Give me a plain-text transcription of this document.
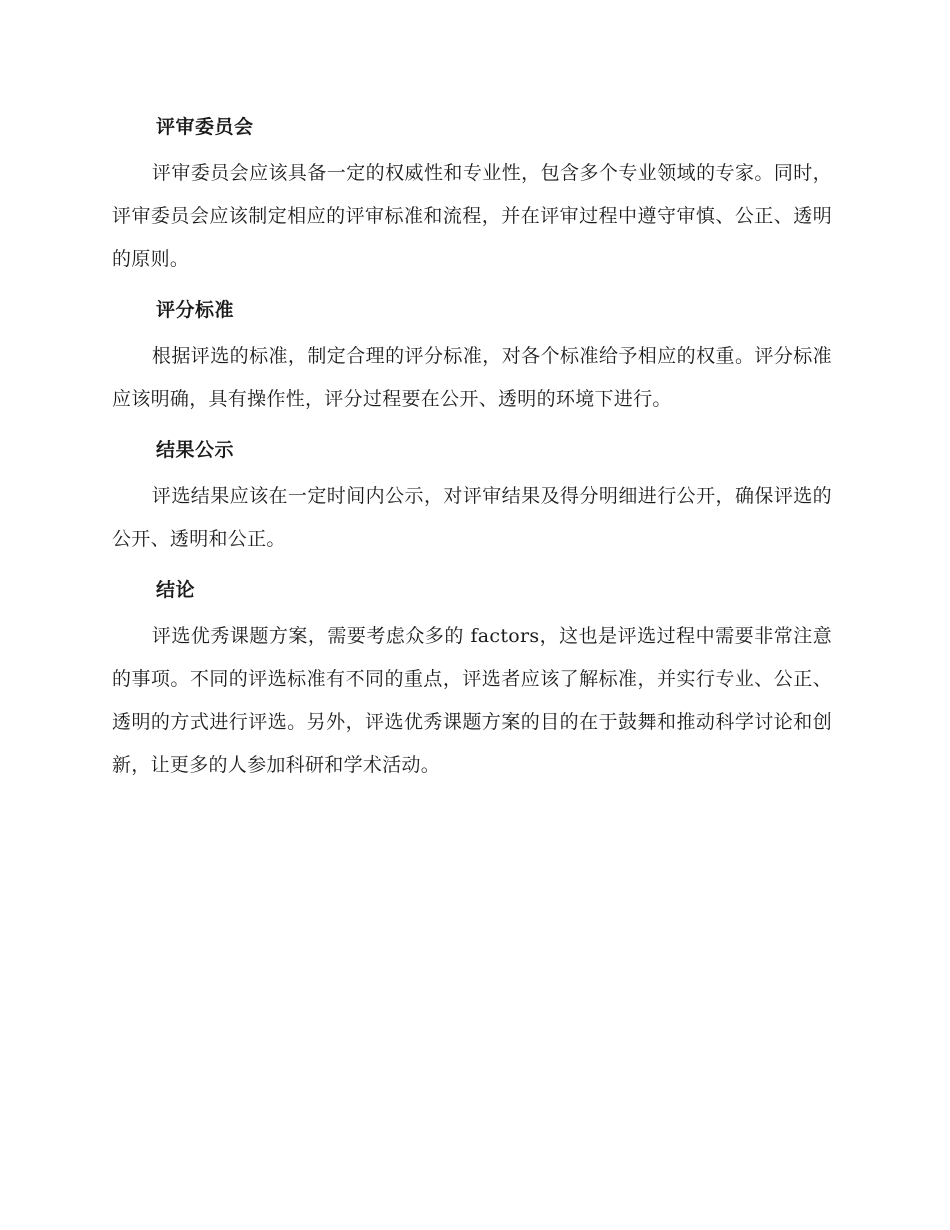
评审委员会

评审委员会应该具备一定的权威性和专业性，包含多个专业领域的专家。同时，评审委员会应该制定相应的评审标准和流程，并在评审过程中遵守审慎、公正、透明的原则。

评分标准

根据评选的标准，制定合理的评分标准，对各个标准给予相应的权重。评分标准应该明确，具有操作性，评分过程要在公开、透明的环境下进行。

结果公示

评选结果应该在一定时间内公示，对评审结果及得分明细进行公开，确保评选的公开、透明和公正。

结论

评选优秀课题方案，需要考虑众多的 factors，这也是评选过程中需要非常注意的事项。不同的评选标准有不同的重点，评选者应该了解标准，并实行专业、公正、透明的方式进行评选。另外，评选优秀课题方案的目的在于鼓舞和推动科学讨论和创新，让更多的人参加科研和学术活动。
